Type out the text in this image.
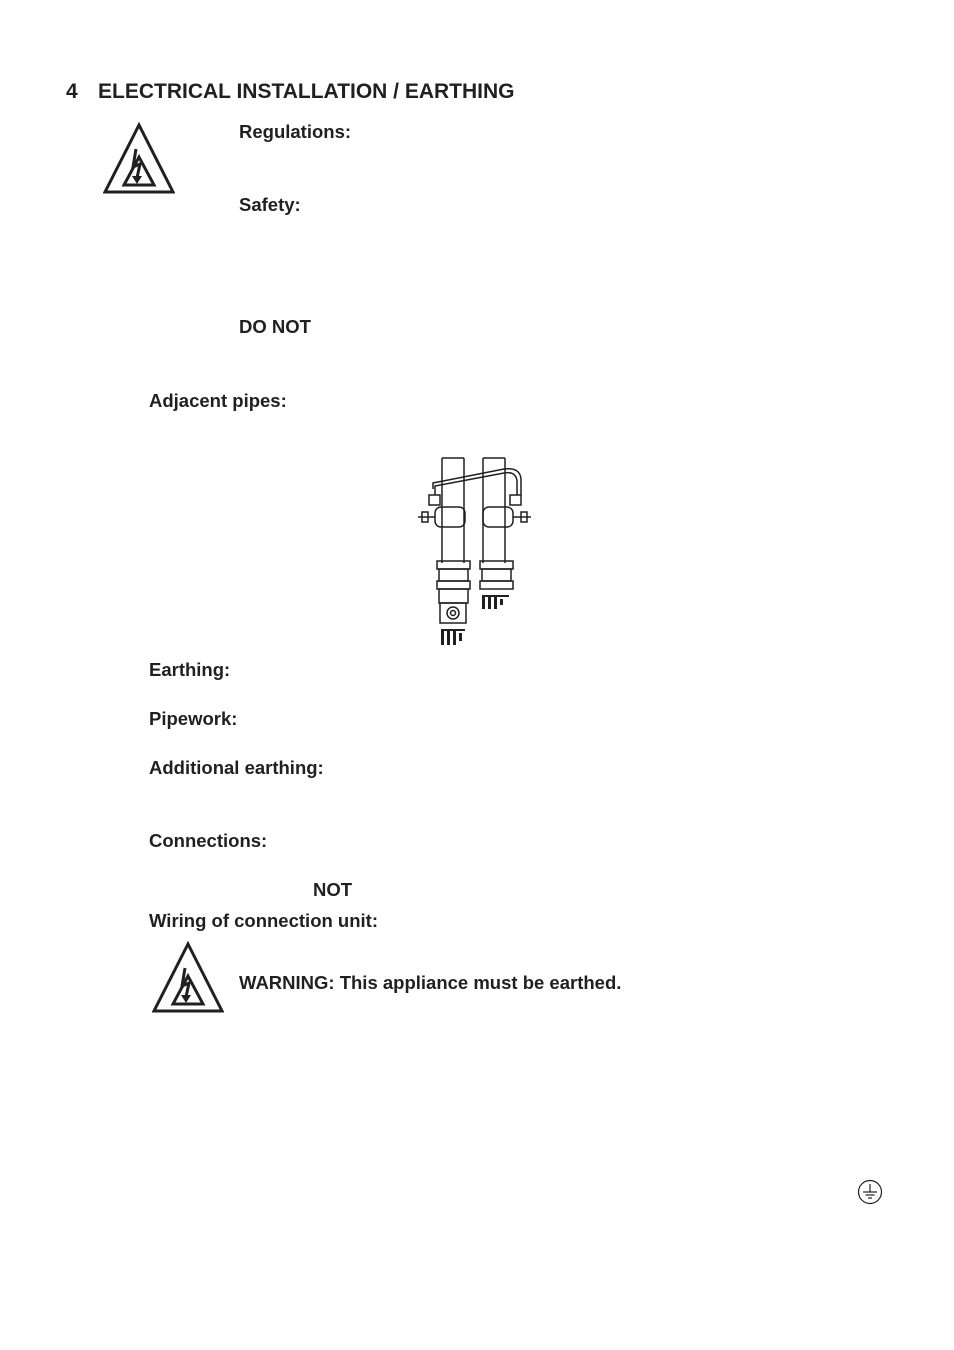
4 ELECTRICAL INSTALLATION / EARTHING
Regulations:
Safety:
DO NOT
Adjacent pipes:
Earthing:
Pipework:
Additional earthing:
Connections:
NOT
Wiring of connection unit:
WARNING: This appliance must be earthed.
